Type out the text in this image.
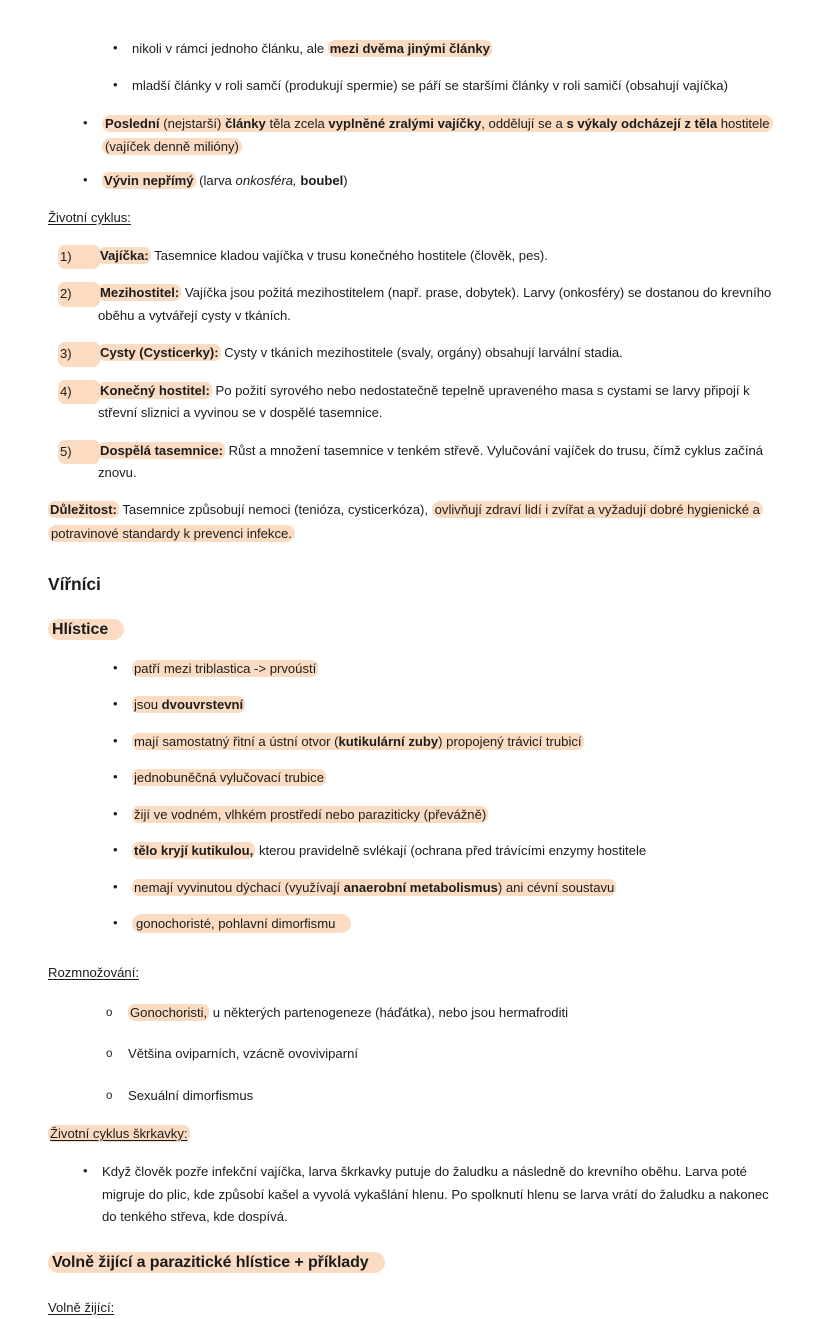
• nikoli v rámci jednoho článku, ale mezi dvěma jinými články
• mladší články v roli samčí (produkují spermie) se páří se staršími články v roli samičí (obsahují vajíčka)
• Poslední (nejstarší) články těla zcela vyplněné zralými vajíčky, oddělují se a s výkaly odcházejí z těla hostitele (vajíček denně milióny)
• Vývin nepřímý (larva onkosféra, boubel)
Životní cyklus:
1)	Vajíčka: Tasemnice kladou vajíčka v trusu konečného hostitele (člověk, pes).
2)	Mezihostitel: Vajíčka jsou požitá mezihostitelem (např. prase, dobytek). Larvy (onkosféry) se dostanou do krevního oběhu a vytvářejí cysty v tkáních.
3)	Cysty (Cysticerky): Cysty v tkáních mezihostitele (svaly, orgány) obsahují larvální stadia.
4)	Konečný hostitel: Po požití syrového nebo nedostatečně tepelně upraveného masa s cystami se larvy připojí k střevní sliznici a vyvinou se v dospělé tasemnice.
5)	Dospělá tasemnice: Růst a množení tasemnice v tenkém střevě. Vylučování vajíček do trusu, čímž cyklus začíná znovu.

Důležitost: Tasemnice způsobují nemoci (tenióza, cysticerkóza), ovlivňují zdraví lidí i zvířat a vyžadují dobré hygienické a potravinové standardy k prevenci infekce.

Vířníci
Hlístice
• patří mezi triblastica -> prvoústí
• jsou dvouvrstevní
• mají samostatný řitní a ústní otvor (kutikulární zuby) propojený trávicí trubicí
• jednobuněčná vylučovací trubice
• žijí ve vodném, vlhkém prostředí nebo paraziticky (převážně)
• tělo kryjí kutikulou, kterou pravidelně svlékají (ochrana před trávícími enzymy hostitele
• nemají vyvinutou dýchací (využívají anaerobní metabolismus) ani cévní soustavu
• gonochoristé, pohlavní dimorfismu
Rozmnožování:
o Gonochoristi, u některých partenogeneze (háďátka), nebo jsou hermafroditi
o Většina oviparních, vzácně ovoviviparní
o Sexuální dimorfismus
Životní cyklus škrkavky:
• Když člověk pozře infekční vajíčka, larva škrkavky putuje do žaludku a následně do krevního oběhu. Larva poté migruje do plic, kde způsobí kašel a vyvolá vykašlání hlenu. Po spolknutí hlenu se larva vrátí do žaludku a nakonec do tenkého střeva, kde dospívá.
Volně žijící a parazitické hlístice + příklady
Volně žijící:
